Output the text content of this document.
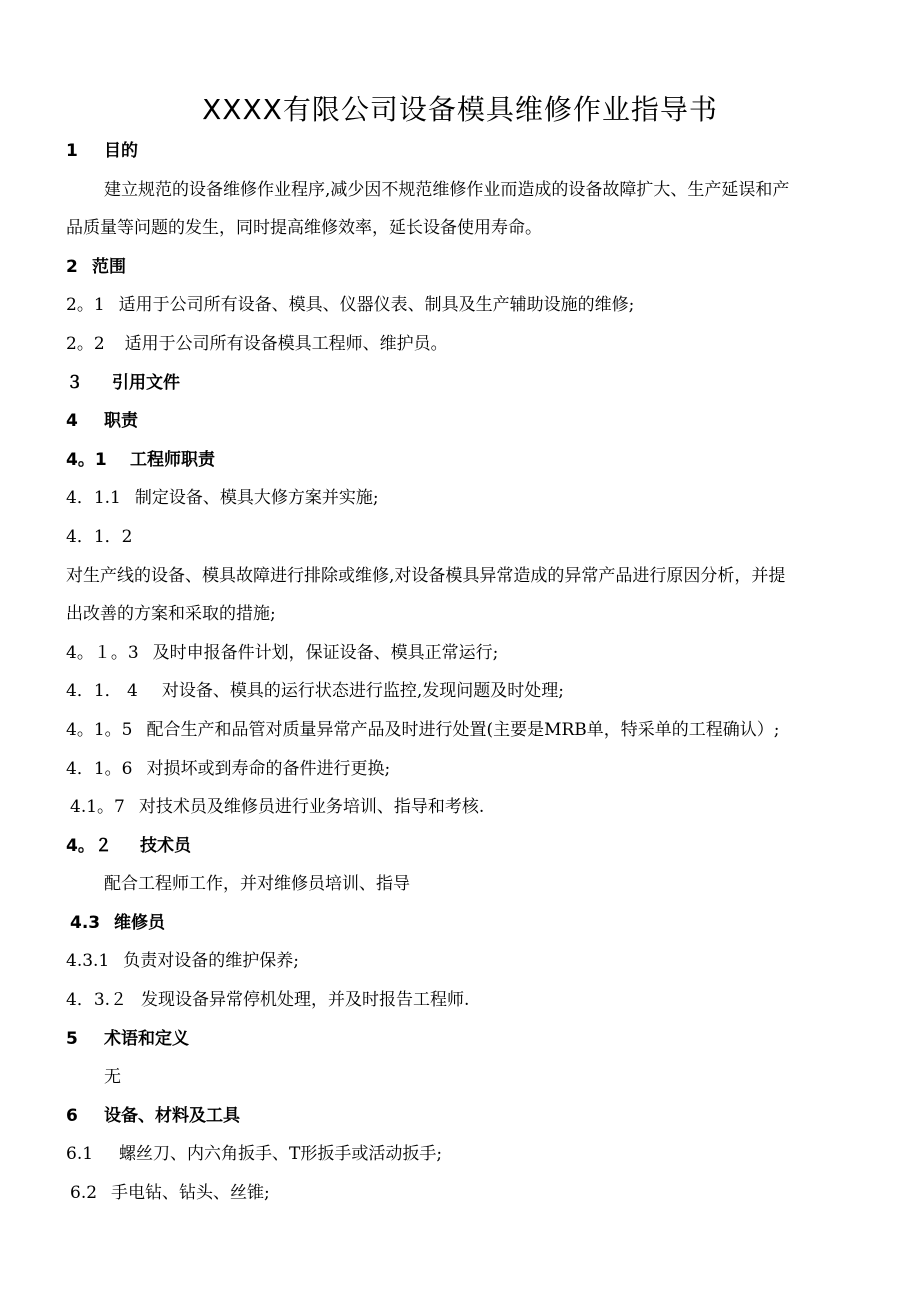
XXXX有限公司设备模具维修作业指导书
1 目的
建立规范的设备维修作业程序,减少因不规范维修作业而造成的设备故障扩大、生产延误和产
品质量等问题的发生，同时提高维修效率，延长设备使用寿命。
2 范围
2。1 适用于公司所有设备、模具、仪器仪表、制具及生产辅助设施的维修;
2。2 适用于公司所有设备模具工程师、维护员。
３ 引用文件
4 职责
4。1 工程师职责
4．1.1 制定设备、模具大修方案并实施;
4．1．2
对生产线的设备、模具故障进行排除或维修,对设备模具异常造成的异常产品进行原因分析，并提
出改善的方案和采取的措施;
4。１。3 及时申报备件计划，保证设备、模具正常运行;
4．1． 4 对设备、模具的运行状态进行监控,发现问题及时处理;
4。1。5 配合生产和品管对质量异常产品及时进行处置(主要是MRB单，特采单的工程确认）;
4．1。6 对损坏或到寿命的备件进行更换;
4.1。7 对技术员及维修员进行业务培训、指导和考核.
4。２ 技术员
配合工程师工作，并对维修员培训、指导
4.3 维修员
4.3.1 负责对设备的维护保养;
4．3.２ 发现设备异常停机处理，并及时报告工程师.
5 术语和定义
无
6 设备、材料及工具
6.1 螺丝刀、内六角扳手、T形扳手或活动扳手;
6.2 手电钻、钻头、丝锥;
